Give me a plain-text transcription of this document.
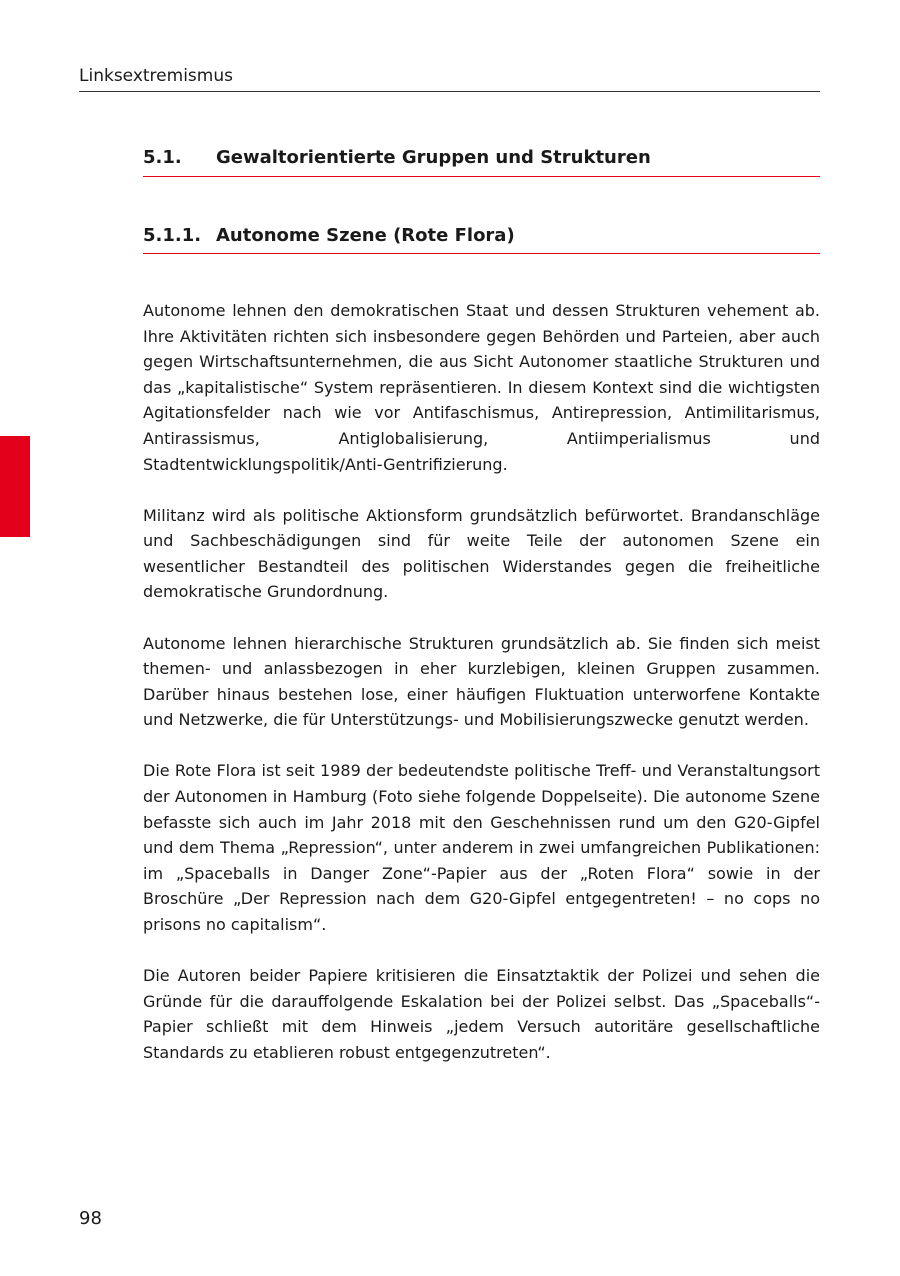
Linksextremismus
5.1.	Gewaltorientierte Gruppen und Strukturen
5.1.1. Autonome Szene (Rote Flora)

Autonome lehnen den demokratischen Staat und dessen Strukturen vehement ab. Ihre Aktivitäten richten sich insbesondere gegen Behörden und Parteien, aber auch gegen Wirtschaftsunternehmen, die aus Sicht Autonomer staatliche Strukturen und das „kapitalistische“ System repräsentieren. In diesem Kontext sind die wichtigsten Agitationsfelder nach wie vor Antifaschismus, Antirepression, Antimilitarismus, Antirassismus, Antiglobalisierung, Antiimperialismus und Stadtentwicklungspolitik/Anti-Gentrifizierung.

Militanz wird als politische Aktionsform grundsätzlich befürwortet. Brandanschläge und Sachbeschädigungen sind für weite Teile der autonomen Szene ein wesentlicher Bestandteil des politischen Widerstandes gegen die freiheitliche demokratische Grundordnung.

Autonome lehnen hierarchische Strukturen grundsätzlich ab. Sie finden sich meist themen- und anlassbezogen in eher kurzlebigen, kleinen Gruppen zusammen. Darüber hinaus bestehen lose, einer häufigen Fluktuation unterworfene Kontakte und Netzwerke, die für Unterstützungs- und Mobilisierungszwecke genutzt werden.

Die Rote Flora ist seit 1989 der bedeutendste politische Treff- und Veranstaltungsort der Autonomen in Hamburg (Foto siehe folgende Doppelseite). Die autonome Szene befasste sich auch im Jahr 2018 mit den Geschehnissen rund um den G20-Gipfel und dem Thema „Repression“, unter anderem in zwei umfangreichen Publikationen: im „Spaceballs in Danger Zone“-Papier aus der „Roten Flora“ sowie in der Broschüre „Der Repression nach dem G20-Gipfel entgegentreten! – no cops no prisons no capitalism“.

Die Autoren beider Papiere kritisieren die Einsatztaktik der Polizei und sehen die Gründe für die darauffolgende Eskalation bei der Polizei selbst. Das „Spaceballs“-Papier schließt mit dem Hinweis „jedem Versuch autoritäre gesellschaftliche Standards zu etablieren robust entgegenzutreten“.

98
